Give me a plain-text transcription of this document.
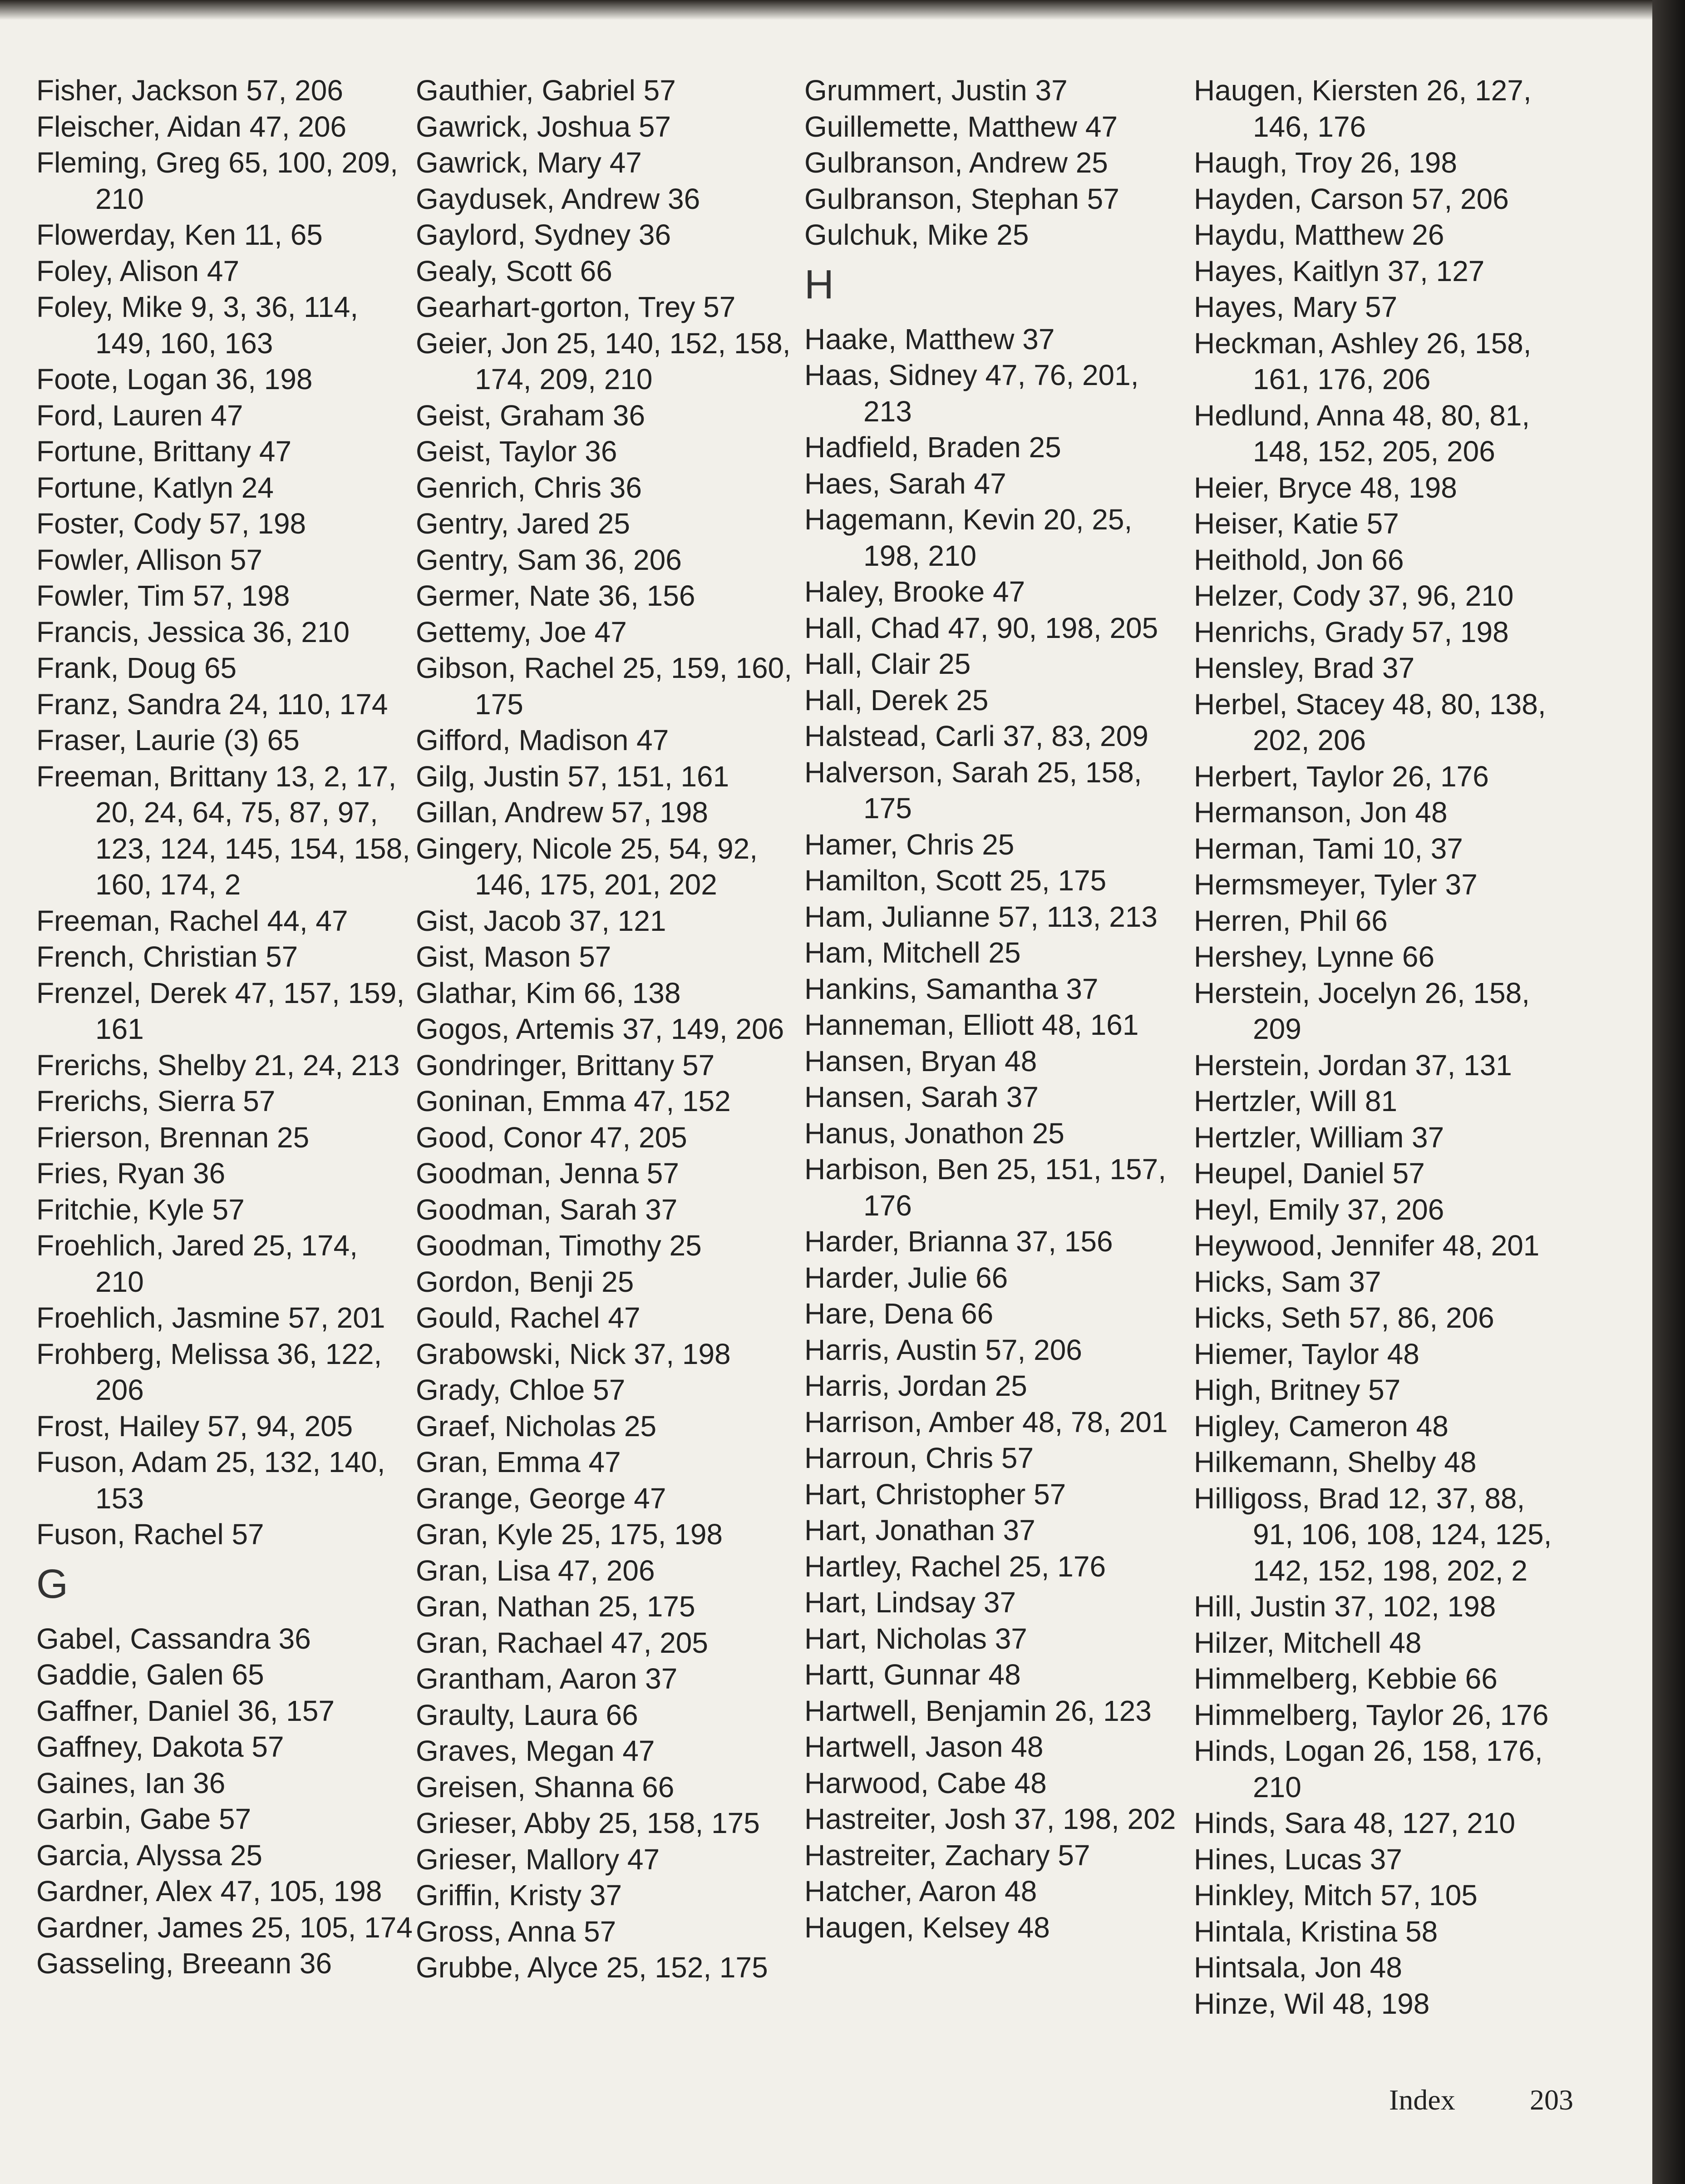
Fisher, Jackson 57, 206
Fleischer, Aidan 47, 206
Fleming, Greg 65, 100, 209, 210
Flowerday, Ken 11, 65
Foley, Alison 47
Foley, Mike 9, 3, 36, 114, 149, 160, 163
Foote, Logan 36, 198
Ford, Lauren 47
Fortune, Brittany 47
Fortune, Katlyn 24
Foster, Cody 57, 198
Fowler, Allison 57
Fowler, Tim 57, 198
Francis, Jessica 36, 210
Frank, Doug 65
Franz, Sandra 24, 110, 174
Fraser, Laurie (3) 65
Freeman, Brittany 13, 2, 17, 20, 24, 64, 75, 87, 97, 123, 124, 145, 154, 158, 160, 174, 2
Freeman, Rachel 44, 47
French, Christian 57
Frenzel, Derek 47, 157, 159, 161
Frerichs, Shelby 21, 24, 213
Frerichs, Sierra 57
Frierson, Brennan 25
Fries, Ryan 36
Fritchie, Kyle 57
Froehlich, Jared 25, 174, 210
Froehlich, Jasmine 57, 201
Frohberg, Melissa 36, 122, 206
Frost, Hailey 57, 94, 205
Fuson, Adam 25, 132, 140, 153
Fuson, Rachel 57
G
Gabel, Cassandra 36
Gaddie, Galen 65
Gaffner, Daniel 36, 157
Gaffney, Dakota 57
Gaines, Ian 36
Garbin, Gabe 57
Garcia, Alyssa 25
Gardner, Alex 47, 105, 198
Gardner, James 25, 105, 174
Gasseling, Breeann 36
Gauthier, Gabriel 57
Gawrick, Joshua 57
Gawrick, Mary 47
Gaydusek, Andrew 36
Gaylord, Sydney 36
Gealy, Scott 66
Gearhart-gorton, Trey 57
Geier, Jon 25, 140, 152, 158, 174, 209, 210
Geist, Graham 36
Geist, Taylor 36
Genrich, Chris 36
Gentry, Jared 25
Gentry, Sam 36, 206
Germer, Nate 36, 156
Gettemy, Joe 47
Gibson, Rachel 25, 159, 160, 175
Gifford, Madison 47
Gilg, Justin 57, 151, 161
Gillan, Andrew 57, 198
Gingery, Nicole 25, 54, 92, 146, 175, 201, 202
Gist, Jacob 37, 121
Gist, Mason 57
Glathar, Kim 66, 138
Gogos, Artemis 37, 149, 206
Gondringer, Brittany 57
Goninan, Emma 47, 152
Good, Conor 47, 205
Goodman, Jenna 57
Goodman, Sarah 37
Goodman, Timothy 25
Gordon, Benji 25
Gould, Rachel 47
Grabowski, Nick 37, 198
Grady, Chloe 57
Graef, Nicholas 25
Gran, Emma 47
Grange, George 47
Gran, Kyle 25, 175, 198
Gran, Lisa 47, 206
Gran, Nathan 25, 175
Gran, Rachael 47, 205
Grantham, Aaron 37
Graulty, Laura 66
Graves, Megan 47
Greisen, Shanna 66
Grieser, Abby 25, 158, 175
Grieser, Mallory 47
Griffin, Kristy 37
Gross, Anna 57
Grubbe, Alyce 25, 152, 175
Grummert, Justin 37
Guillemette, Matthew 47
Gulbranson, Andrew 25
Gulbranson, Stephan 57
Gulchuk, Mike 25
H
Haake, Matthew 37
Haas, Sidney 47, 76, 201, 213
Hadfield, Braden 25
Haes, Sarah 47
Hagemann, Kevin 20, 25, 198, 210
Haley, Brooke 47
Hall, Chad 47, 90, 198, 205
Hall, Clair 25
Hall, Derek 25
Halstead, Carli 37, 83, 209
Halverson, Sarah 25, 158, 175
Hamer, Chris 25
Hamilton, Scott 25, 175
Ham, Julianne 57, 113, 213
Ham, Mitchell 25
Hankins, Samantha 37
Hanneman, Elliott 48, 161
Hansen, Bryan 48
Hansen, Sarah 37
Hanus, Jonathon 25
Harbison, Ben 25, 151, 157, 176
Harder, Brianna 37, 156
Harder, Julie 66
Hare, Dena 66
Harris, Austin 57, 206
Harris, Jordan 25
Harrison, Amber 48, 78, 201
Harroun, Chris 57
Hart, Christopher 57
Hart, Jonathan 37
Hartley, Rachel 25, 176
Hart, Lindsay 37
Hart, Nicholas 37
Hartt, Gunnar 48
Hartwell, Benjamin 26, 123
Hartwell, Jason 48
Harwood, Cabe 48
Hastreiter, Josh 37, 198, 202
Hastreiter, Zachary 57
Hatcher, Aaron 48
Haugen, Kelsey 48
Haugen, Kiersten 26, 127, 146, 176
Haugh, Troy 26, 198
Hayden, Carson 57, 206
Haydu, Matthew 26
Hayes, Kaitlyn 37, 127
Hayes, Mary 57
Heckman, Ashley 26, 158, 161, 176, 206
Hedlund, Anna 48, 80, 81, 148, 152, 205, 206
Heier, Bryce 48, 198
Heiser, Katie 57
Heithold, Jon 66
Helzer, Cody 37, 96, 210
Henrichs, Grady 57, 198
Hensley, Brad 37
Herbel, Stacey 48, 80, 138, 202, 206
Herbert, Taylor 26, 176
Hermanson, Jon 48
Herman, Tami 10, 37
Hermsmeyer, Tyler 37
Herren, Phil 66
Hershey, Lynne 66
Herstein, Jocelyn 26, 158, 209
Herstein, Jordan 37, 131
Hertzler, Will 81
Hertzler, William 37
Heupel, Daniel 57
Heyl, Emily 37, 206
Heywood, Jennifer 48, 201
Hicks, Sam 37
Hicks, Seth 57, 86, 206
Hiemer, Taylor 48
High, Britney 57
Higley, Cameron 48
Hilkemann, Shelby 48
Hilligoss, Brad 12, 37, 88, 91, 106, 108, 124, 125, 142, 152, 198, 202, 2
Hill, Justin 37, 102, 198
Hilzer, Mitchell 48
Himmelberg, Kebbie 66
Himmelberg, Taylor 26, 176
Hinds, Logan 26, 158, 176, 210
Hinds, Sara 48, 127, 210
Hines, Lucas 37
Hinkley, Mitch 57, 105
Hintala, Kristina 58
Hintsala, Jon 48
Hinze, Wil 48, 198
Index	203
